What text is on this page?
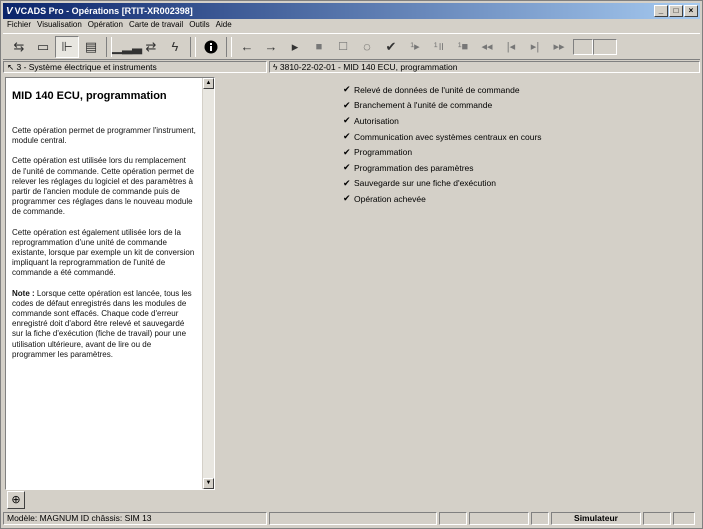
V VCADS Pro - Opérations [RTIT-XR002398]	_	□	×
Fichier Visualisation Opération Carte de travail Outils Aide
⇆ ▭ ⊩ ▤	▁▂▃ ⇄	ϟ	← →	▸	■	☐	◌	✔	¹▸	¹॥	¹■	◂◂	|◂	▸|	▸▸
↖ 3 - Système électrique et instruments	ϟ 3810-22-02-01 - MID 140 ECU, programmation
MID 140 ECU, programmation

Cette opération permet de programmer l'instrument, module central.

Cette opération est utilisée lors du remplacement de l'unité de commande. Cette opération permet de relever les réglages du logiciel et des paramètres à partir de l'ancien module de commande puis de programmer ces réglages dans le nouveau module de commande.

Cette opération est également utilisée lors de la reprogrammation d'une unité de commande existante, lorsque par exemple un kit de conversion impliquant la reprogrammation de l'unité de commande a été commandé.

Note : Lorsque cette opération est lancée, tous les codes de défaut enregistrés dans les modules de commande sont effacés. Chaque code d'erreur enregistré doit d'abord être relevé et sauvegardé sur la fiche d'exécution (fiche de travail) pour une utilisation ultérieure, avant de lire ou de programmer les paramètres.

▲
▼
⊕
✔ Relevé de données de l'unité de commande
✔ Branchement à l'unité de commande
✔ Autorisation
✔ Communication avec systèmes centraux en cours
✔ Programmation
✔ Programmation des paramètres
✔ Sauvegarde sur une fiche d'exécution
✔ Opération achevée
Modèle: MAGNUM ID châssis: SIM 13	Simulateur
